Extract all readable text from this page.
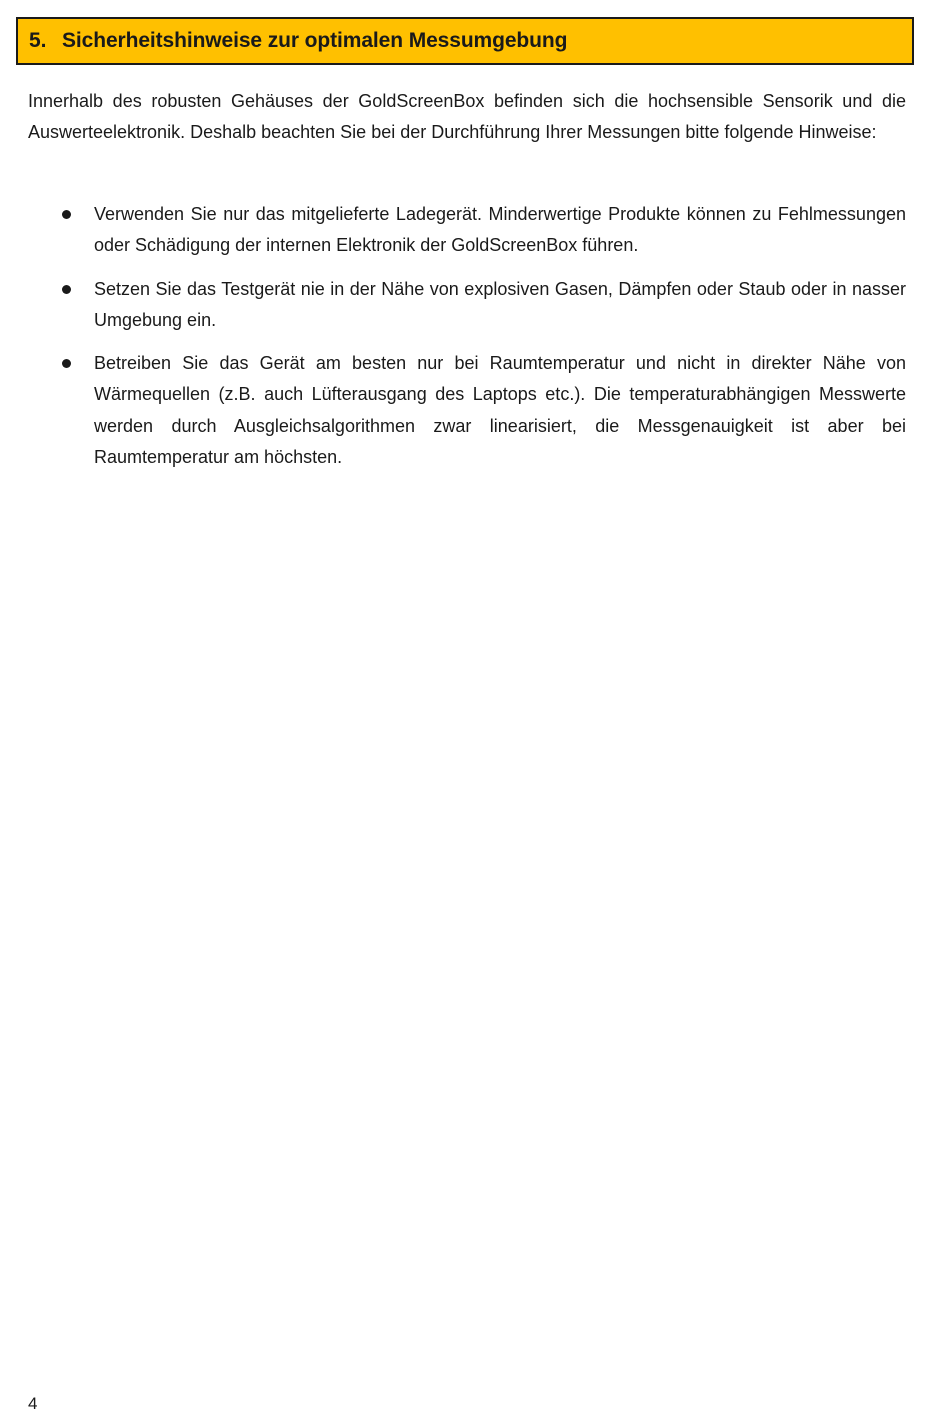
5. Sicherheitshinweise zur optimalen Messumgebung

Innerhalb des robusten Gehäuses der GoldScreenBox befinden sich die hochsensible Sensorik und die Auswerteelektronik. Deshalb beachten Sie bei der Durchführung Ihrer Messungen bitte folgende Hinweise:

Verwenden Sie nur das mitgelieferte Ladegerät. Minderwertige Produkte können zu Fehlmessungen oder Schädigung der internen Elektronik der GoldScreenBox führen.
Setzen Sie das Testgerät nie in der Nähe von explosiven Gasen, Dämpfen oder Staub oder in nasser Umgebung ein.
Betreiben Sie das Gerät am besten nur bei Raumtemperatur und nicht in direkter Nähe von Wärmequellen (z.B. auch Lüfterausgang des Laptops etc.). Die temperaturabhängigen Messwerte werden durch Ausgleichsalgorithmen zwar linearisiert, die Messgenauigkeit ist aber bei Raumtemperatur am höchsten.
4
